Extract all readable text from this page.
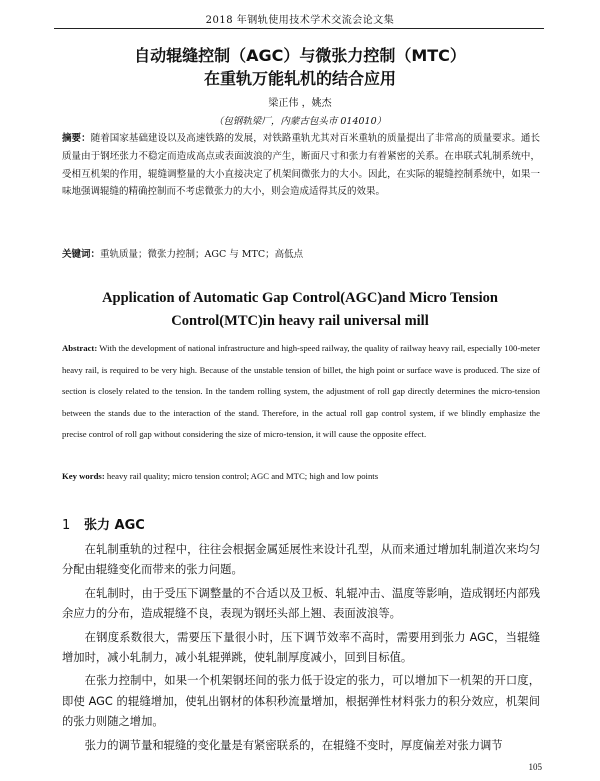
2018 年钢轨使用技术学术交流会论文集
自动辊缝控制（AGC）与微张力控制（MTC）
在重轨万能轧机的结合应用
梁正伟 ，姚杰
（包钢轨梁厂，内蒙古包头市 014010）
摘要：随着国家基础建设以及高速铁路的发展，对铁路重轨尤其对百米重轨的质量提出了非常高的质量要求。通长质量由于钢坯张力不稳定而造成高点或表面波浪的产生，断面尺寸和张力有着紧密的关系。在串联式轧制系统中，受相互机架的作用，辊缝调整量的大小直接决定了机架间微张力的大小。因此，在实际的辊缝控制系统中，如果一味地强调辊缝的精确控制而不考虑微张力的大小，则会造成适得其反的效果。
关键词：重轨质量；微张力控制；AGC 与 MTC；高低点
Application of Automatic Gap Control(AGC)and Micro Tension
Control(MTC)in heavy rail universal mill
Abstract: With the development of national infrastructure and high-speed railway, the quality of railway heavy rail, especially 100-meter heavy rail, is required to be very high. Because of the unstable tension of billet, the high point or surface wave is produced. The size of section is closely related to the tension. In the tandem rolling system, the adjustment of roll gap directly determines the micro-tension between the stands due to the interaction of the stand. Therefore, in the actual roll gap control system, if we blindly emphasize the precise control of roll gap without considering the size of micro-tension, it will cause the opposite effect.
Key words: heavy rail quality; micro tension control; AGC and MTC; high and low points
1 张力 AGC

在轧制重轨的过程中，往往会根据金属延展性来设计孔型，从而来通过增加轧制道次来均匀分配由辊缝变化而带来的张力问题。

在轧制时，由于受压下调整量的不合适以及卫板、轧辊冲击、温度等影响，造成钢坯内部残余应力的分布，造成辊缝不良，表现为钢坯头部上翘、表面波浪等。

在钢度系数很大，需要压下量很小时，压下调节效率不高时，需要用到张力 AGC，当辊缝增加时，减小轧制力，减小轧辊弹跳，使轧制厚度减小，回到目标值。

在张力控制中，如果一个机架钢坯间的张力低于设定的张力，可以增加下一机架的开口度，即使 AGC 的辊缝增加，使轧出钢材的体积秒流量增加，根据弹性材料张力的积分效应，机架间的张力则随之增加。

张力的调节量和辊缝的变化量是有紧密联系的，在辊缝不变时，厚度偏差对张力调节

105
